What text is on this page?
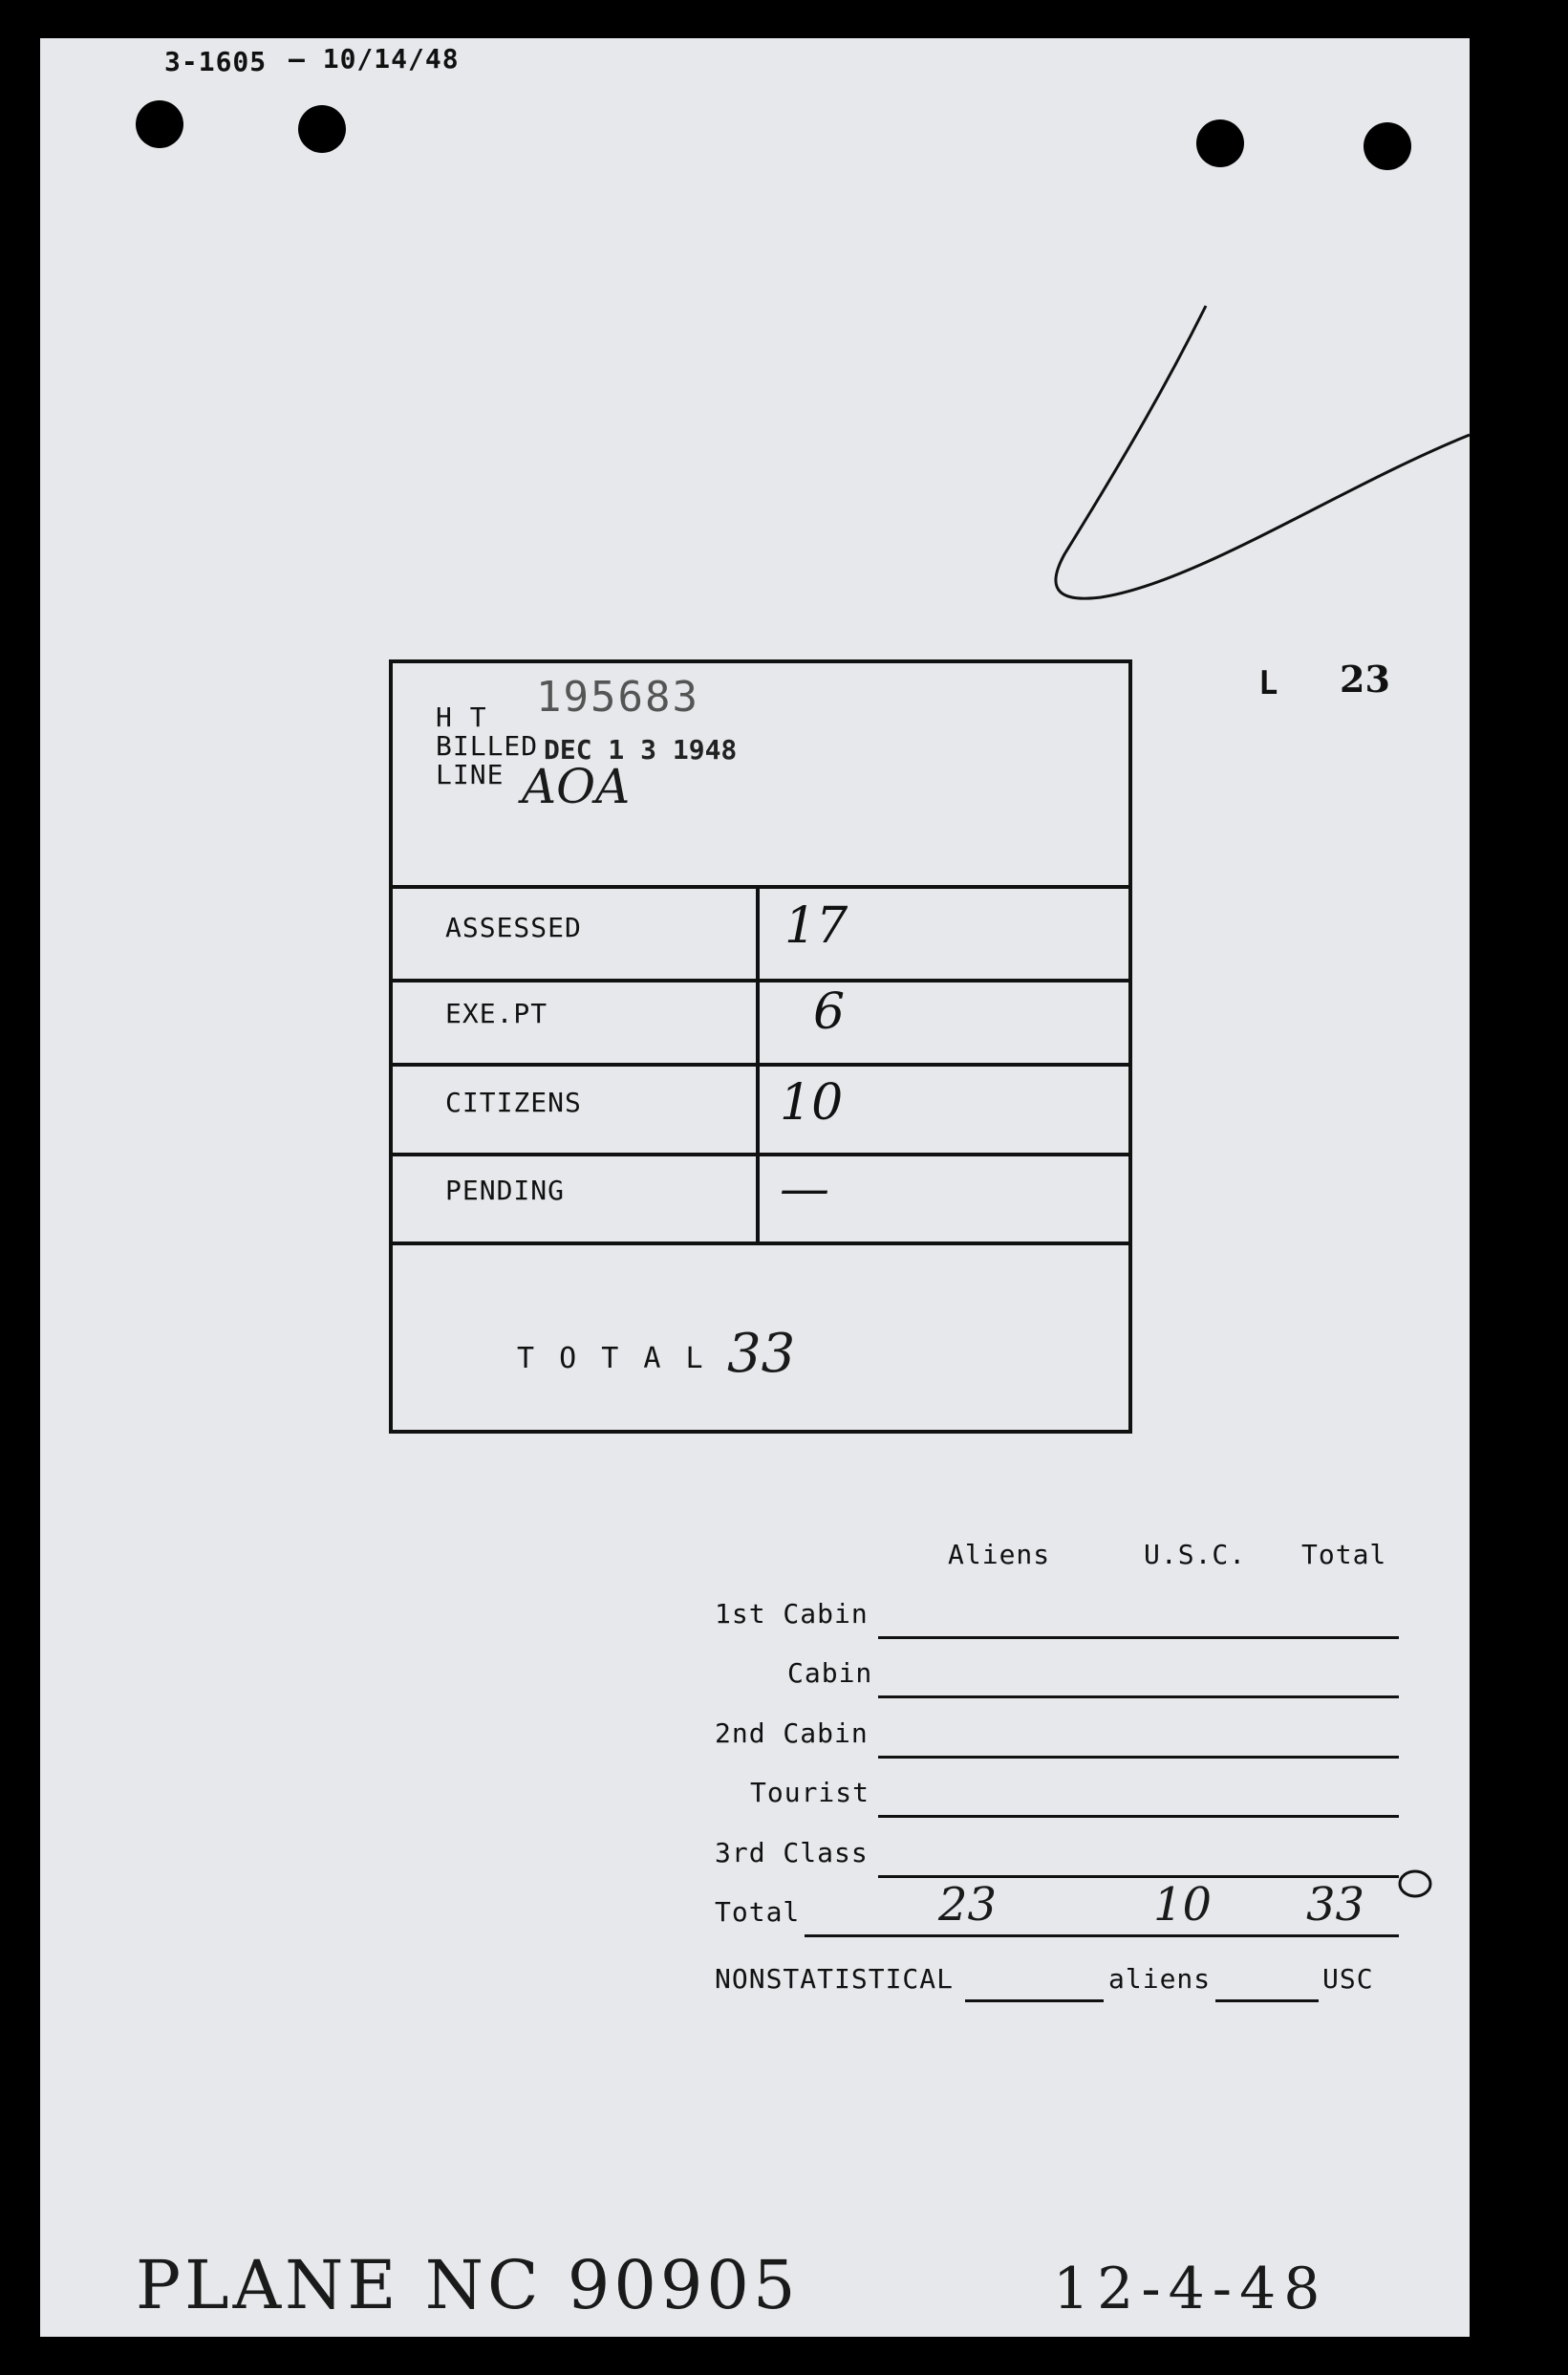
3-1605 — 10/14/48
L 23
H T 195683
BILLED DEC 1 3 1948
LINE AOA
ASSESSED	17
EXE.PT	6
CITIZENS	10
PENDING	—
T O T A L 33
Aliens	U.S.C. Total
1st Cabin
Cabin
2nd Cabin
Tourist
3rd Class
Total	23	10 33
NONSTATISTICAL	aliens	USC
PLANE NC 90905	12-4-48
